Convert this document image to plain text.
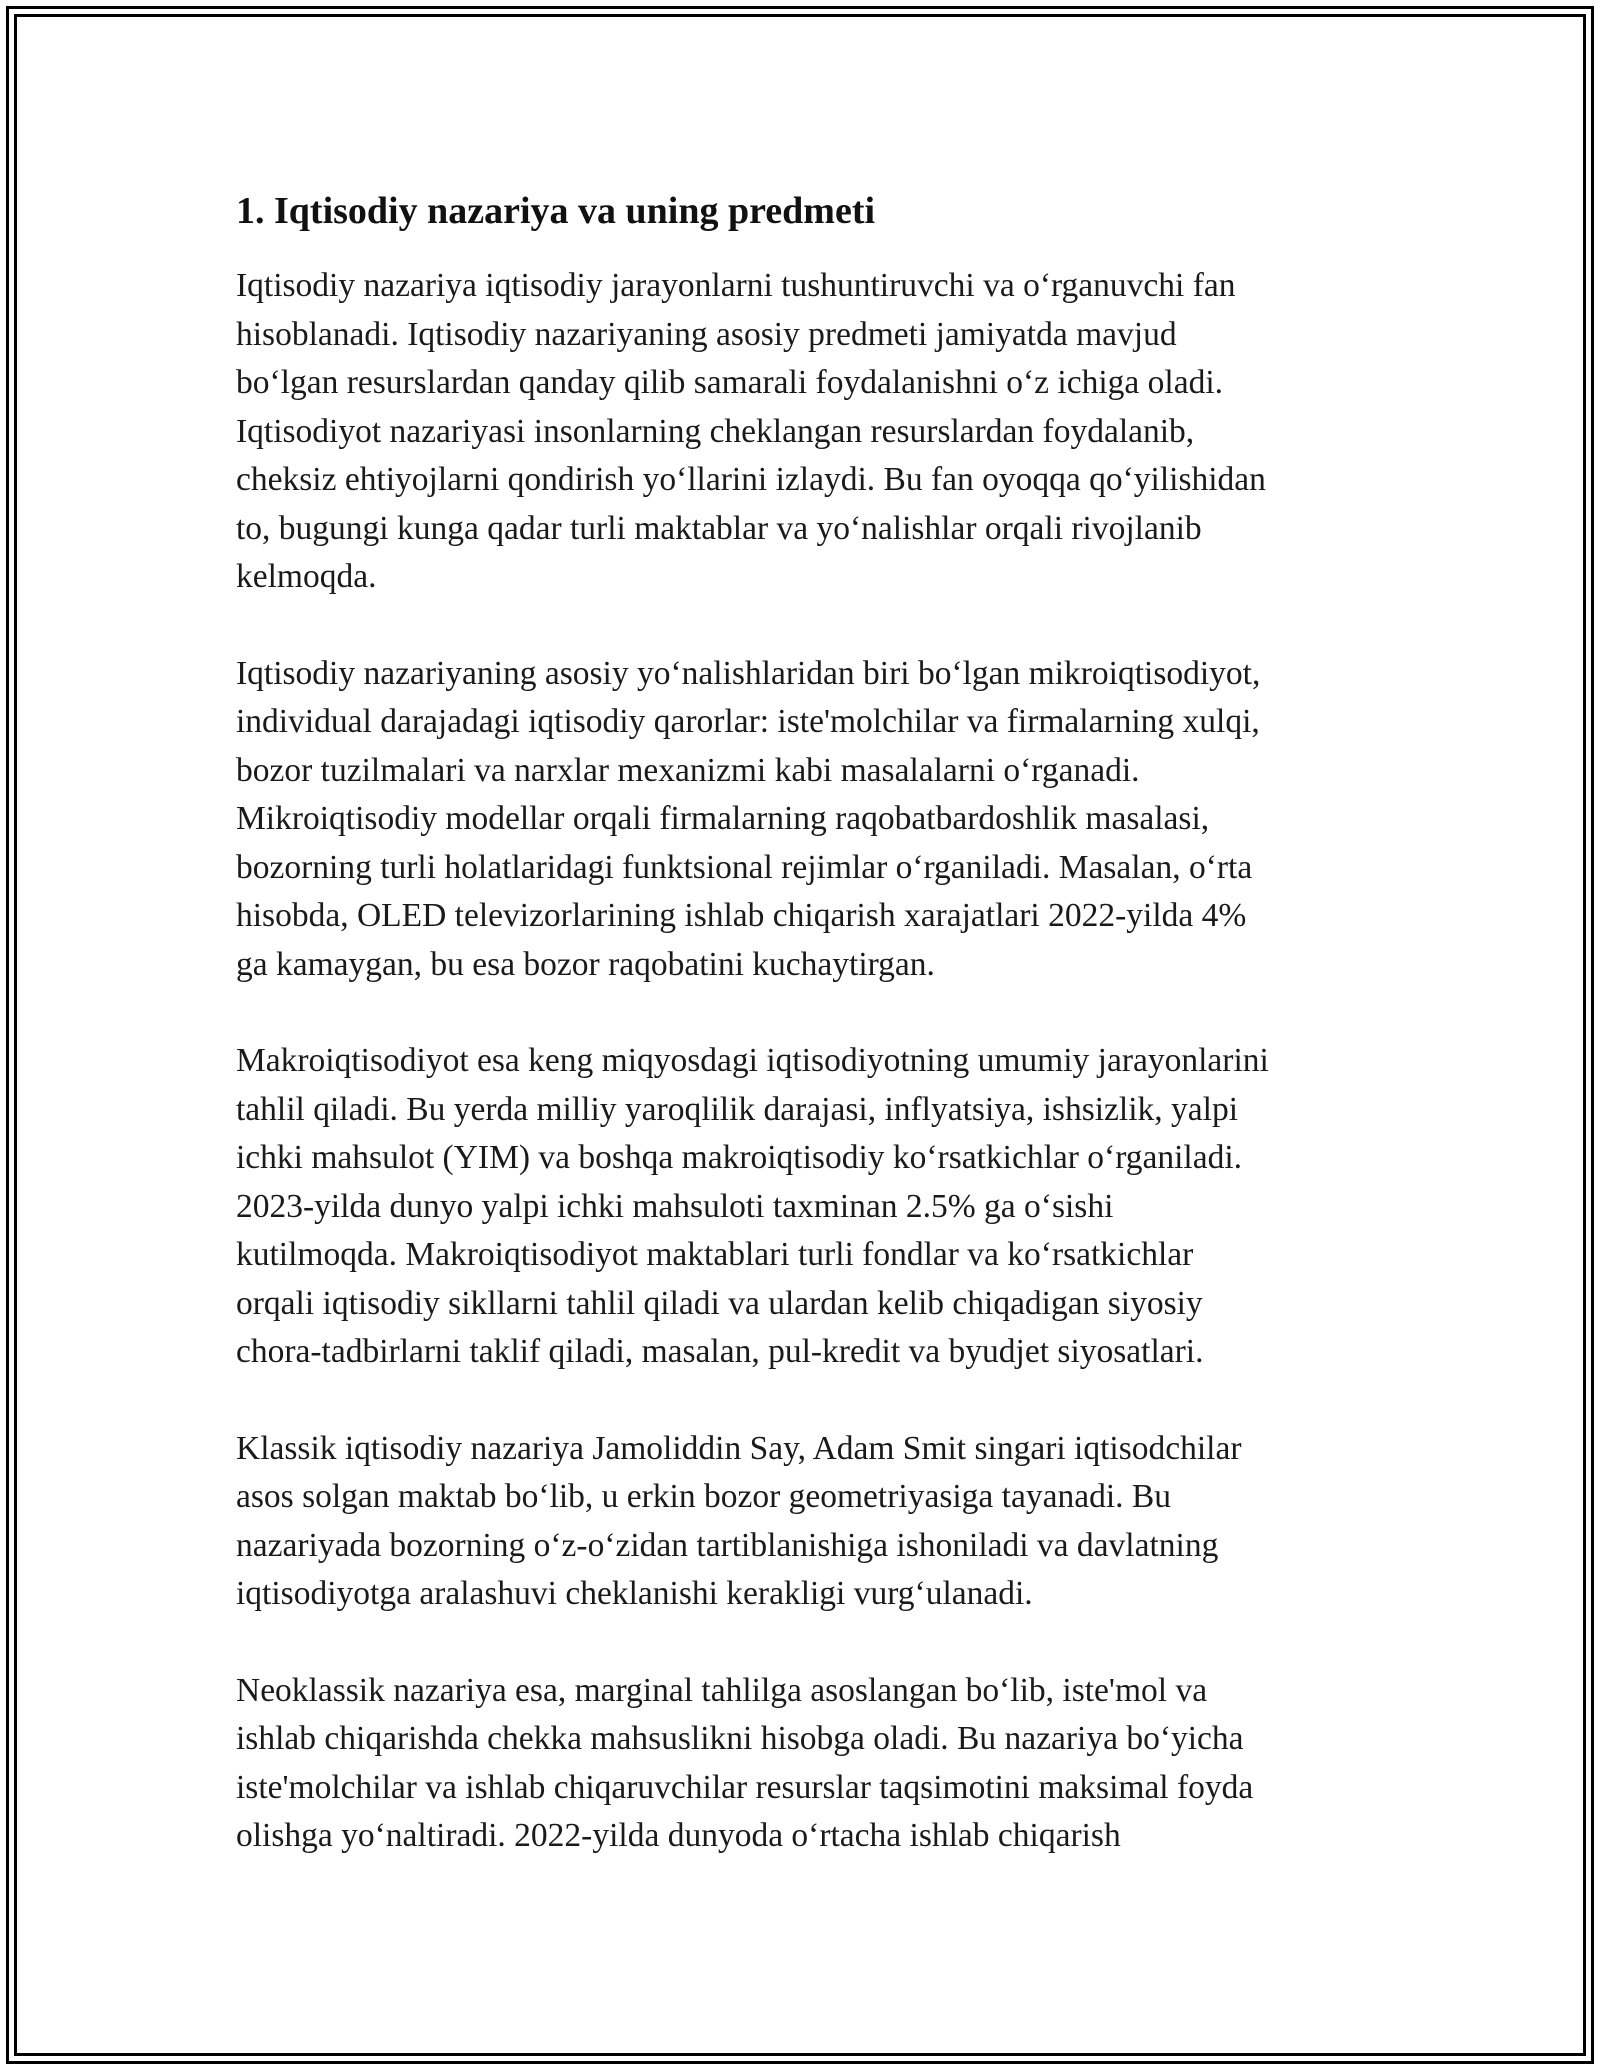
1. Iqtisodiy nazariya va uning predmeti

Iqtisodiy nazariya iqtisodiy jarayonlarni tushuntiruvchi va o‘rganuvchi fan
hisoblanadi. Iqtisodiy nazariyaning asosiy predmeti jamiyatda mavjud
bo‘lgan resurslardan qanday qilib samarali foydalanishni o‘z ichiga oladi.
Iqtisodiyot nazariyasi insonlarning cheklangan resurslardan foydalanib,
cheksiz ehtiyojlarni qondirish yo‘llarini izlaydi. Bu fan oyoqqa qo‘yilishidan
to, bugungi kunga qadar turli maktablar va yo‘nalishlar orqali rivojlanib
kelmoqda.

Iqtisodiy nazariyaning asosiy yo‘nalishlaridan biri bo‘lgan mikroiqtisodiyot,
individual darajadagi iqtisodiy qarorlar: iste'molchilar va firmalarning xulqi,
bozor tuzilmalari va narxlar mexanizmi kabi masalalarni o‘rganadi.
Mikroiqtisodiy modellar orqali firmalarning raqobatbardoshlik masalasi,
bozorning turli holatlaridagi funktsional rejimlar o‘rganiladi. Masalan, o‘rta
hisobda, OLED televizorlarining ishlab chiqarish xarajatlari 2022-yilda 4%
ga kamaygan, bu esa bozor raqobatini kuchaytirgan.

Makroiqtisodiyot esa keng miqyosdagi iqtisodiyotning umumiy jarayonlarini
tahlil qiladi. Bu yerda milliy yaroqlilik darajasi, inflyatsiya, ishsizlik, yalpi
ichki mahsulot (YIM) va boshqa makroiqtisodiy ko‘rsatkichlar o‘rganiladi.
2023-yilda dunyo yalpi ichki mahsuloti taxminan 2.5% ga o‘sishi
kutilmoqda. Makroiqtisodiyot maktablari turli fondlar va ko‘rsatkichlar
orqali iqtisodiy sikllarni tahlil qiladi va ulardan kelib chiqadigan siyosiy
chora-tadbirlarni taklif qiladi, masalan, pul-kredit va byudjet siyosatlari.

Klassik iqtisodiy nazariya Jamoliddin Say, Adam Smit singari iqtisodchilar
asos solgan maktab bo‘lib, u erkin bozor geometriyasiga tayanadi. Bu
nazariyada bozorning o‘z-o‘zidan tartiblanishiga ishoniladi va davlatning
iqtisodiyotga aralashuvi cheklanishi kerakligi vurg‘ulanadi.

Neoklassik nazariya esa, marginal tahlilga asoslangan bo‘lib, iste'mol va
ishlab chiqarishda chekka mahsuslikni hisobga oladi. Bu nazariya bo‘yicha
iste'molchilar va ishlab chiqaruvchilar resurslar taqsimotini maksimal foyda
olishga yo‘naltiradi. 2022-yilda dunyoda o‘rtacha ishlab chiqarish
